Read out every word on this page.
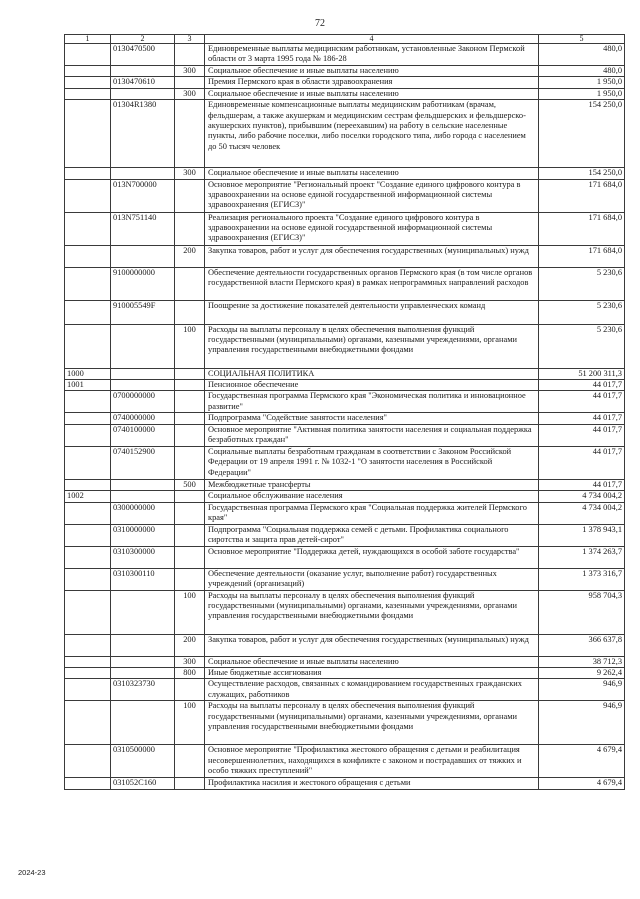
72
1	2	3	4	5
	0130470500		Единовременные выплаты медицинским работникам, установленные Законом Пермской области от 3 марта 1995 года № 186-28	480,0
		300	Социальное обеспечение и иные выплаты населению	480,0
	0130470610		Премия Пермского края в области здравоохранения	1 950,0
		300	Социальное обеспечение и иные выплаты населению	1 950,0
	01304R1380		Единовременные компенсационные выплаты медицинским работникам (врачам, фельдшерам, а также акушеркам и медицинским сестрам фельдшерских и фельдшерско-акушерских пунктов), прибывшим (переехавшим) на работу в сельские населенные пункты, либо рабочие поселки, либо поселки городского типа, либо города с населением до 50 тысяч человек	154 250,0
		300	Социальное обеспечение и иные выплаты населению	154 250,0
	013N700000		Основное мероприятие "Региональный проект "Создание единого цифрового контура в здравоохранении на основе единой государственной информационной системы здравоохранения (ЕГИСЗ)"	171 684,0
	013N751140		Реализация регионального проекта "Создание единого цифрового контура в здравоохранении на основе единой государственной информационной системы здравоохранения (ЕГИСЗ)"	171 684,0
		200	Закупка товаров, работ и услуг для обеспечения государственных (муниципальных) нужд	171 684,0
	9100000000		Обеспечение деятельности государственных органов Пермского края (в том числе органов государственной власти Пермского края) в рамках непрограммных направлений расходов	5 230,6
	910005549F		Поощрение за достижение показателей деятельности управленческих команд	5 230,6
		100	Расходы на выплаты персоналу в целях обеспечения выполнения функций государственными (муниципальными) органами, казенными учреждениями, органами управления государственными внебюджетными фондами	5 230,6
1000			СОЦИАЛЬНАЯ ПОЛИТИКА	51 200 311,3
1001			Пенсионное обеспечение	44 017,7
	0700000000		Государственная программа Пермского края "Экономическая политика и инновационное развитие"	44 017,7
	0740000000		Подпрограмма "Содействие занятости населения"	44 017,7
	0740100000		Основное мероприятие "Активная политика занятости населения и социальная поддержка безработных граждан"	44 017,7
	0740152900		Социальные выплаты безработным гражданам в соответствии с Законом Российской Федерации от 19 апреля 1991 г. № 1032-1 "О занятости населения в Российской Федерации"	44 017,7
		500	Межбюджетные трансферты	44 017,7
1002			Социальное обслуживание населения	4 734 004,2
	0300000000		Государственная программа Пермского края "Социальная поддержка жителей Пермского края"	4 734 004,2
	0310000000		Подпрограмма "Социальная поддержка семей с детьми. Профилактика социального сиротства и защита прав детей-сирот"	1 378 943,1
	0310300000		Основное мероприятие "Поддержка детей, нуждающихся в особой заботе государства"	1 374 263,7
	0310300110		Обеспечение деятельности (оказание услуг, выполнение работ) государственных учреждений (организаций)	1 373 316,7
		100	Расходы на выплаты персоналу в целях обеспечения выполнения функций государственными (муниципальными) органами, казенными учреждениями, органами управления государственными внебюджетными фондами	958 704,3
		200	Закупка товаров, работ и услуг для обеспечения государственных (муниципальных) нужд	366 637,8
		300	Социальное обеспечение и иные выплаты населению	38 712,3
		800	Иные бюджетные ассигнования	9 262,4
	0310323730		Осуществление расходов, связанных с командированием государственных гражданских служащих, работников	946,9
		100	Расходы на выплаты персоналу в целях обеспечения выполнения функций государственными (муниципальными) органами, казенными учреждениями, органами управления государственными внебюджетными фондами	946,9
	0310500000		Основное мероприятие "Профилактика жестокого обращения с детьми и реабилитация несовершеннолетних, находящихся в конфликте с законом и пострадавших от тяжких и особо тяжких преступлений"	4 679,4
	031052С160		Профилактика насилия и жестокого обращения с детьми	4 679,4
2024-23
